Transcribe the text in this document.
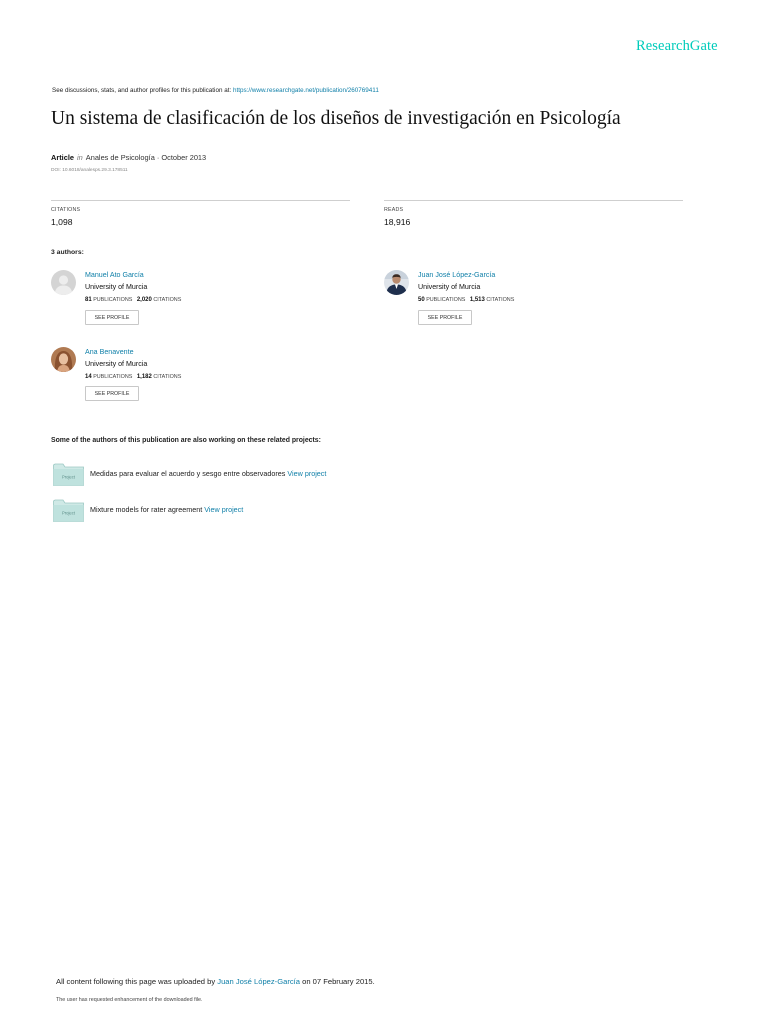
ResearchGate
See discussions, stats, and author profiles for this publication at: https://www.researchgate.net/publication/260769411
Un sistema de clasificación de los diseños de investigación en Psicología
Article in Anales de Psicología · October 2013
DOI: 10.6018/analesps.29.3.178511
CITATIONS
1,098
READS
18,916
3 authors:
Manuel Ato García
University of Murcia
81 PUBLICATIONS 2,020 CITATIONS
SEE PROFILE
Juan José López-García
University of Murcia
50 PUBLICATIONS 1,513 CITATIONS
SEE PROFILE
Ana Benavente
University of Murcia
14 PUBLICATIONS 1,182 CITATIONS
SEE PROFILE
Some of the authors of this publication are also working on these related projects:
Project Medidas para evaluar el acuerdo y sesgo entre observadores View project
Project Mixture models for rater agreement View project
All content following this page was uploaded by Juan José López-García on 07 February 2015.
The user has requested enhancement of the downloaded file.
